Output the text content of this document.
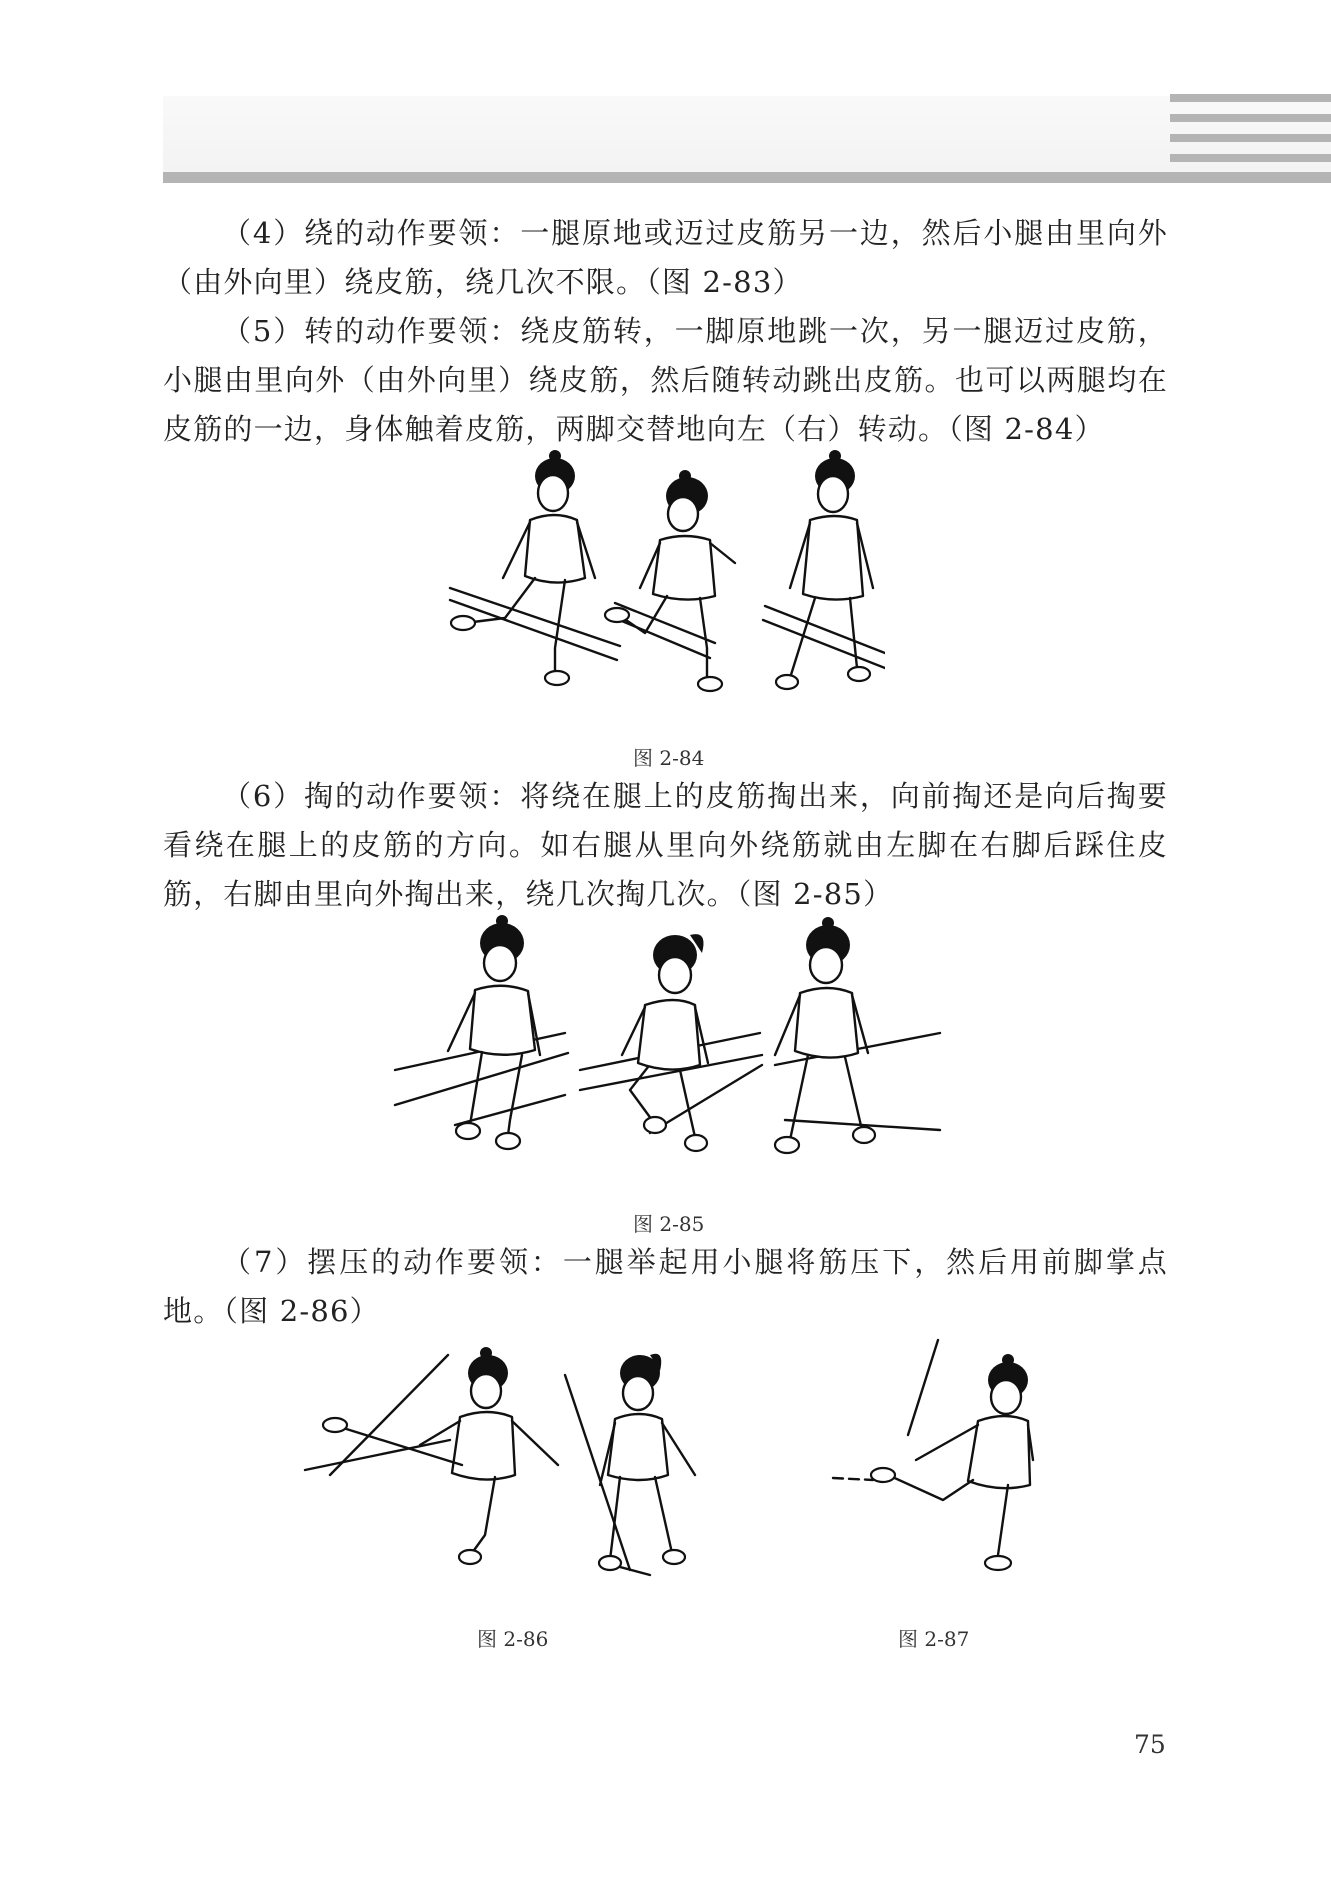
（4）绕的动作要领：一腿原地或迈过皮筋另一边，然后小腿由里向外（由外向里）绕皮筋，绕几次不限。（图 2-83）

（5）转的动作要领：绕皮筋转，一脚原地跳一次，另一腿迈过皮筋，小腿由里向外（由外向里）绕皮筋，然后随转动跳出皮筋。也可以两腿均在皮筋的一边，身体触着皮筋，两脚交替地向左（右）转动。（图 2-84）

图 2-84

（6）掏的动作要领：将绕在腿上的皮筋掏出来，向前掏还是向后掏要看绕在腿上的皮筋的方向。如右腿从里向外绕筋就由左脚在右脚后踩住皮筋，右脚由里向外掏出来，绕几次掏几次。（图 2-85）

图 2-85

（7）摆压的动作要领：一腿举起用小腿将筋压下，然后用前脚掌点地。（图 2-86）

图 2-86	图 2-87
75
